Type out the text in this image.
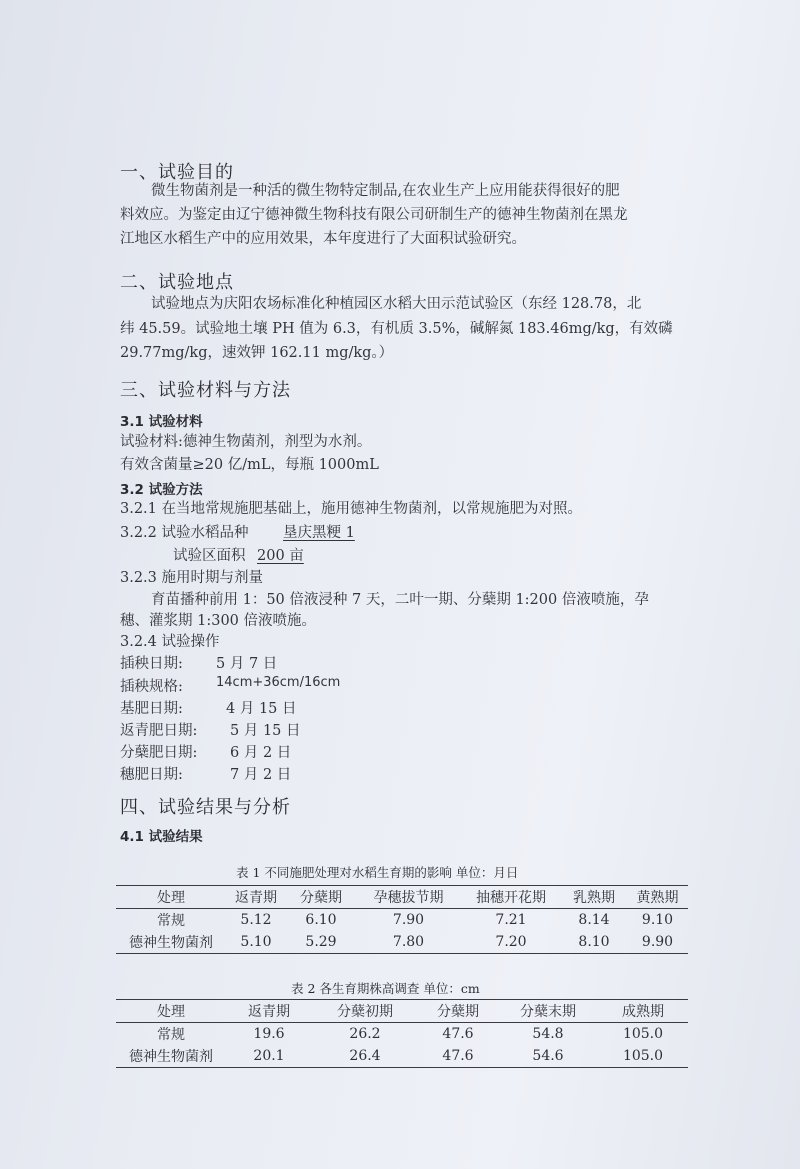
一、试验目的
微生物菌剂是一种活的微生物特定制品,在农业生产上应用能获得很好的肥
料效应。为鉴定由辽宁德神微生物科技有限公司研制生产的德神生物菌剂在黑龙
江地区水稻生产中的应用效果，本年度进行了大面积试验研究。
二、试验地点
试验地点为庆阳农场标准化种植园区水稻大田示范试验区（东经 128.78，北
纬 45.59。试验地土壤 PH 值为 6.3，有机质 3.5%，碱解氮 183.46mg/kg，有效磷
29.77mg/kg，速效钾 162.11 mg/kg。）
三、试验材料与方法
3.1 试验材料
试验材料:德神生物菌剂，剂型为水剂。
有效含菌量≥20 亿/mL，每瓶 1000mL
3.2 试验方法
3.2.1 在当地常规施肥基础上，施用德神生物菌剂，以常规施肥为对照。
3.2.2 试验水稻品种 垦庆黑粳 1
试验区面积 200 亩
3.2.3 施用时期与剂量
育苗播种前用 1：50 倍液浸种 7 天，二叶一期、分蘖期 1:200 倍液喷施，孕
穗、灌浆期 1:300 倍液喷施。
3.2.4 试验操作
插秧日期: 5 月 7 日
插秧规格:	14cm+36cm/16cm
基肥日期:	4 月 15 日
返青肥日期: 5 月 15 日
分蘖肥日期: 6 月 2 日
穗肥日期:	7 月 2 日
四、试验结果与分析
4.1 试验结果
表 1 不同施肥处理对水稻生育期的影响 单位：月日
处理	返青期	分蘖期	孕穗拔节期	抽穗开花期	乳熟期	黄熟期
常规	5.12	6.10	7.90	7.21	8.14	9.10
德神生物菌剂	5.10	5.29	7.80	7.20	8.10	9.90
表 2 各生育期株高调查 单位：cm
处理	返青期	分蘖初期	分蘖期	分蘖末期	成熟期
常规	19.6	26.2	47.6	54.8	105.0
德神生物菌剂	20.1	26.4	47.6	54.6	105.0
